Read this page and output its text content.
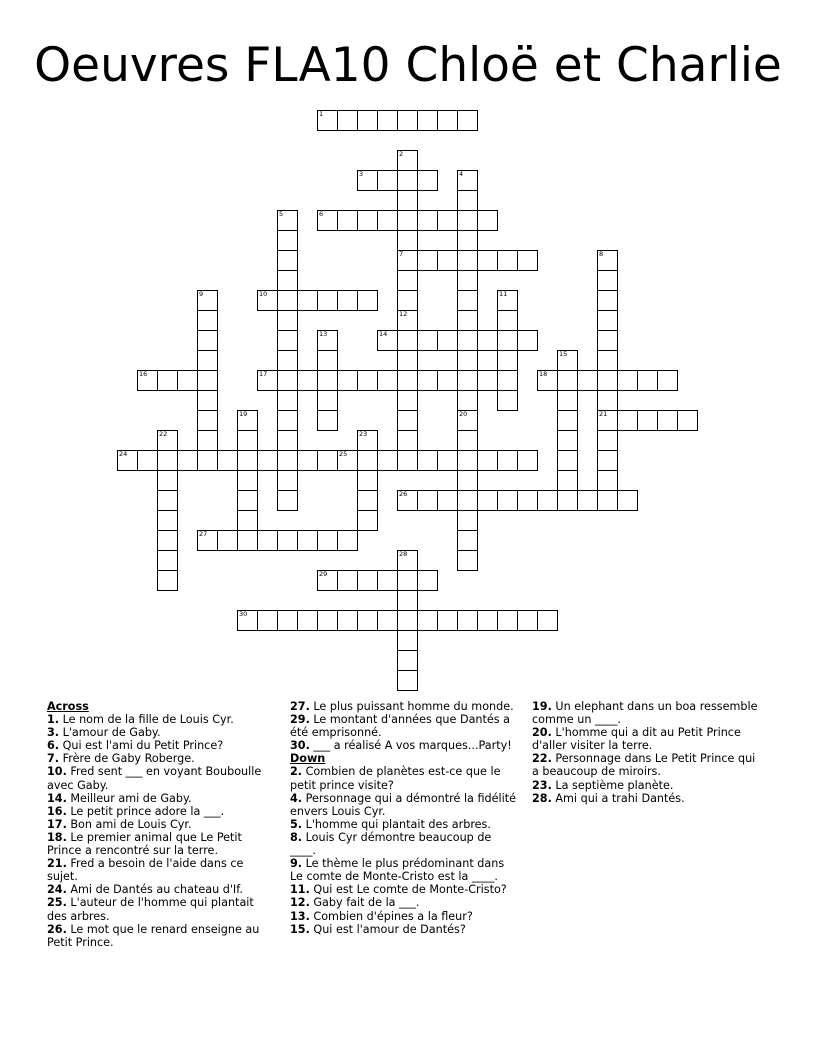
Oeuvres FLA10 Chloë et Charlie
1
2
7
12
3	4
20
5	6
8
21
9	10	11
13	14
15
16	17	18
19
22	23
24	25
26
27
28
29
30

Across

1. Le nom de la fille de Louis Cyr.

3. L'amour de Gaby.

6. Qui est l'ami du Petit Prince?

7. Frère de Gaby Roberge.

10. Fred sent ___ en voyant Bouboulle avec Gaby.

14. Meilleur ami de Gaby.

16. Le petit prince adore la ___.

17. Bon ami de Louis Cyr.

18. Le premier animal que Le Petit Prince a rencontré sur la terre.

21. Fred a besoin de l'aide dans ce sujet.

24. Ami de Dantés au chateau d'If.

25. L'auteur de l'homme qui plantait des arbres.

26. Le mot que le renard enseigne au Petit Prince.

27. Le plus puissant homme du monde.

29. Le montant d'années que Dantés a été emprisonné.

30. ___ a réalisé A vos marques...Party!

Down

2. Combien de planètes est-ce que le petit prince visite?

4. Personnage qui a démontré la fidélité envers Louis Cyr.

5. L'homme qui plantait des arbres.

8. Louis Cyr démontre beaucoup de ____.

9. Le thème le plus prédominant dans Le comte de Monte-Cristo est la ____.

11. Qui est Le comte de Monte-Cristo?

12. Gaby fait de la ___.

13. Combien d'épines a la fleur?

15. Qui est l'amour de Dantés?

19. Un elephant dans un boa ressemble comme un ____.

20. L'homme qui a dit au Petit Prince d'aller visiter la terre.

22. Personnage dans Le Petit Prince qui a beaucoup de miroirs.

23. La septième planète.

28. Ami qui a trahi Dantés.
